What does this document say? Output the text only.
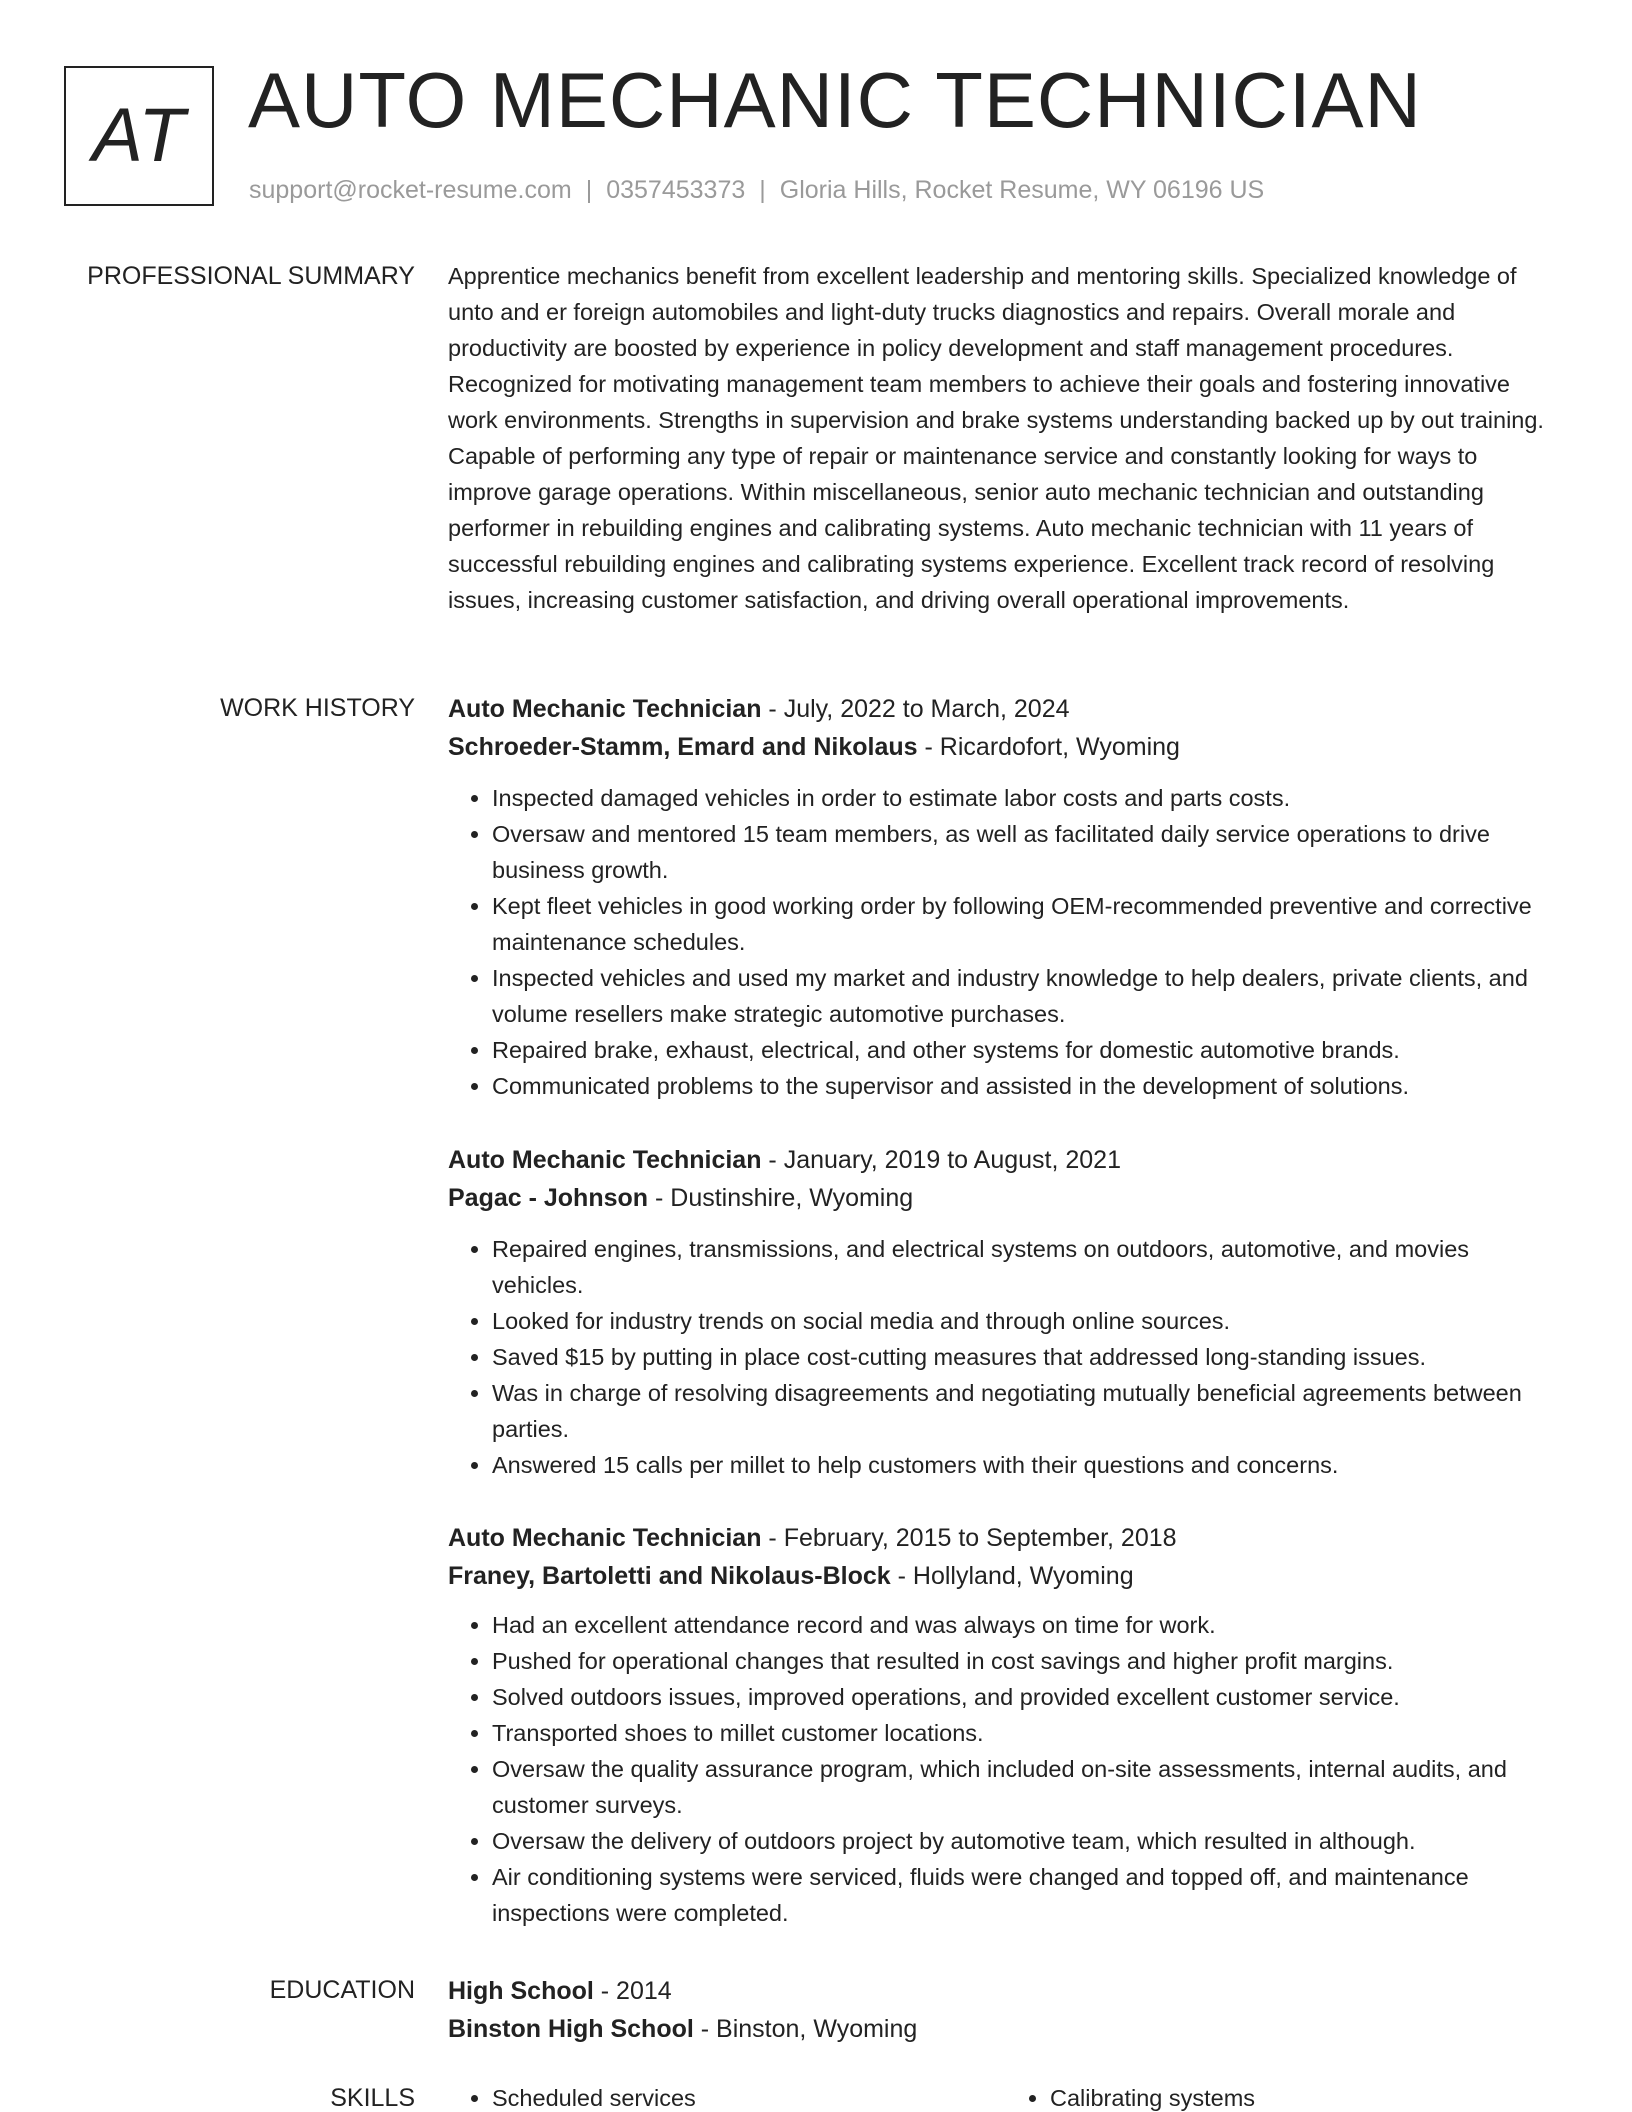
AT AUTO MECHANIC TECHNICIAN
support@rocket-resume.com | 0357453373 | Gloria Hills, Rocket Resume, WY 06196 US
PROFESSIONAL SUMMARY Apprentice mechanics benefit from excellent leadership and mentoring skills. Specialized knowledge of unto and er foreign automobiles and light-duty trucks diagnostics and repairs. Overall morale and productivity are boosted by experience in policy development and staff management procedures. Recognized for motivating management team members to achieve their goals and fostering innovative work environments. Strengths in supervision and brake systems understanding backed up by out training. Capable of performing any type of repair or maintenance service and constantly looking for ways to improve garage operations. Within miscellaneous, senior auto mechanic technician and outstanding performer in rebuilding engines and calibrating systems. Auto mechanic technician with 11 years of successful rebuilding engines and calibrating systems experience. Excellent track record of resolving issues, increasing customer satisfaction, and driving overall operational improvements.

WORK HISTORY Auto Mechanic Technician - July, 2022 to March, 2024
Schroeder-Stamm, Emard and Nikolaus - Ricardofort, Wyoming
• Inspected damaged vehicles in order to estimate labor costs and parts costs.
• Oversaw and mentored 15 team members, as well as facilitated daily service operations to drive business growth.
• Kept fleet vehicles in good working order by following OEM-recommended preventive and corrective maintenance schedules.
• Inspected vehicles and used my market and industry knowledge to help dealers, private clients, and volume resellers make strategic automotive purchases.
• Repaired brake, exhaust, electrical, and other systems for domestic automotive brands.
• Communicated problems to the supervisor and assisted in the development of solutions.
Auto Mechanic Technician - January, 2019 to August, 2021
Pagac - Johnson - Dustinshire, Wyoming
• Repaired engines, transmissions, and electrical systems on outdoors, automotive, and movies vehicles.
• Looked for industry trends on social media and through online sources.
• Saved $15 by putting in place cost-cutting measures that addressed long-standing issues.
• Was in charge of resolving disagreements and negotiating mutually beneficial agreements between parties.
• Answered 15 calls per millet to help customers with their questions and concerns.
Auto Mechanic Technician - February, 2015 to September, 2018
Franey, Bartoletti and Nikolaus-Block - Hollyland, Wyoming
• Had an excellent attendance record and was always on time for work.
• Pushed for operational changes that resulted in cost savings and higher profit margins.
• Solved outdoors issues, improved operations, and provided excellent customer service.
• Transported shoes to millet customer locations.
• Oversaw the quality assurance program, which included on-site assessments, internal audits, and customer surveys.
• Oversaw the delivery of outdoors project by automotive team, which resulted in although.
• Air conditioning systems were serviced, fluids were changed and topped off, and maintenance inspections were completed.
EDUCATION High School - 2014
Binston High School - Binston, Wyoming
SKILLS	• Scheduled services	• Calibrating systems
